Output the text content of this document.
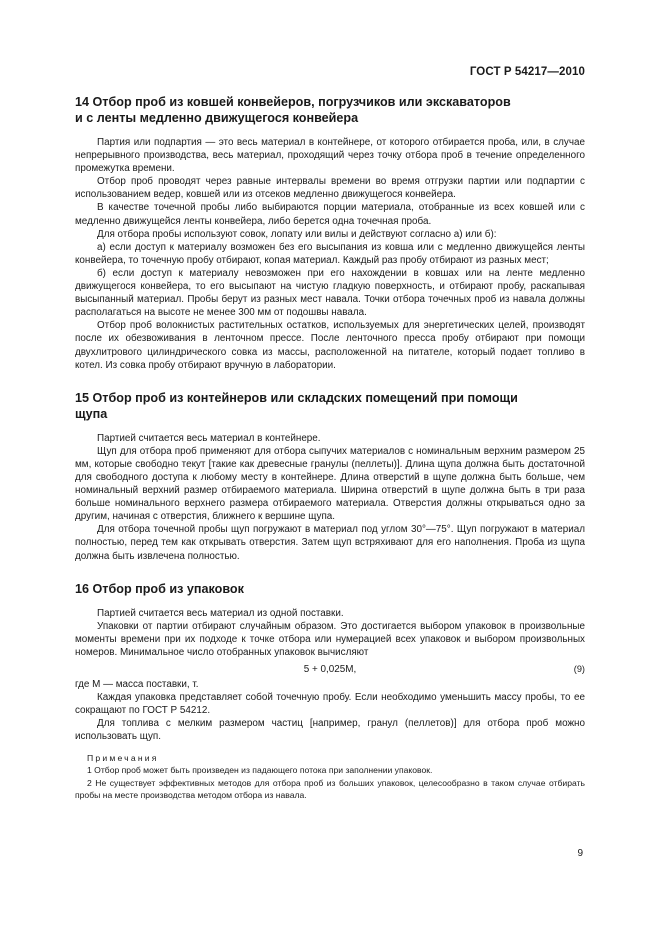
ГОСТ Р 54217—2010
14 Отбор проб из ковшей конвейеров, погрузчиков или экскаваторов
и с ленты медленно движущегося конвейера

Партия или подпартия — это весь материал в контейнере, от которого отбирается проба, или, в случае непрерывного производства, весь материал, проходящий через точку отбора проб в течение определенного промежутка времени.

Отбор проб проводят через равные интервалы времени во время отгрузки партии или подпартии с использованием ведер, ковшей или из отсеков медленно движущегося конвейера.

В качестве точечной пробы либо выбираются порции материала, отобранные из всех ковшей или с медленно движущейся ленты конвейера, либо берется одна точечная проба.

Для отбора пробы используют совок, лопату или вилы и действуют согласно а) или б):

а) если доступ к материалу возможен без его высыпания из ковша или с медленно движущейся ленты конвейера, то точечную пробу отбирают, копая материал. Каждый раз пробу отбирают из разных мест;

б) если доступ к материалу невозможен при его нахождении в ковшах или на ленте медленно движущегося конвейера, то его высыпают на чистую гладкую поверхность, и отбирают пробу, раскапывая высыпанный материал. Пробы берут из разных мест навала. Точки отбора точечных проб из навала должны располагаться на высоте не менее 300 мм от подошвы навала.

Отбор проб волокнистых растительных остатков, используемых для энергетических целей, производят после их обезвоживания в ленточном прессе. После ленточного пресса пробу отбирают при помощи двухлитрового цилиндрического совка из массы, расположенной на питателе, который подает топливо в котел. Из совка пробу отбирают вручную в лаборатории.

15 Отбор проб из контейнеров или складских помещений при помощи
щупа

Партией считается весь материал в контейнере.

Щуп для отбора проб применяют для отбора сыпучих материалов с номинальным верхним размером 25 мм, которые свободно текут [такие как древесные гранулы (пеллеты)]. Длина щупа должна быть достаточной для свободного доступа к любому месту в контейнере. Длина отверстий в щупе должна быть больше, чем номинальный верхний размер отбираемого материала. Ширина отверстий в щупе должна быть в три раза больше номинального верхнего размера отбираемого материала. Отверстия должны открываться одно за другим, начиная с отверстия, ближнего к вершине щупа.

Для отбора точечной пробы щуп погружают в материал под углом 30°—75°. Щуп погружают в материал полностью, перед тем как открывать отверстия. Затем щуп встряхивают для его наполнения. Проба из щупа должна быть извлечена полностью.

16 Отбор проб из упаковок

Партией считается весь материал из одной поставки.

Упаковки от партии отбирают случайным образом. Это достигается выбором упаковок в произвольные моменты времени при их подходе к точке отбора или нумерацией всех упаковок и выбором произвольных номеров. Минимальное число отобранных упаковок вычисляют

5 + 0,025M,	(9)

где M — масса поставки, т.

Каждая упаковка представляет собой точечную пробу. Если необходимо уменьшить массу пробы, то ее сокращают по ГОСТ Р 54212.

Для топлива с мелким размером частиц [например, гранул (пеллетов)] для отбора проб можно использовать щуп.

Примечания

1 Отбор проб может быть произведен из падающего потока при заполнении упаковок.

2 Не существует эффективных методов для отбора проб из больших упаковок, целесообразно в таком случае отбирать пробы на месте производства методом отбора из навала.

9
